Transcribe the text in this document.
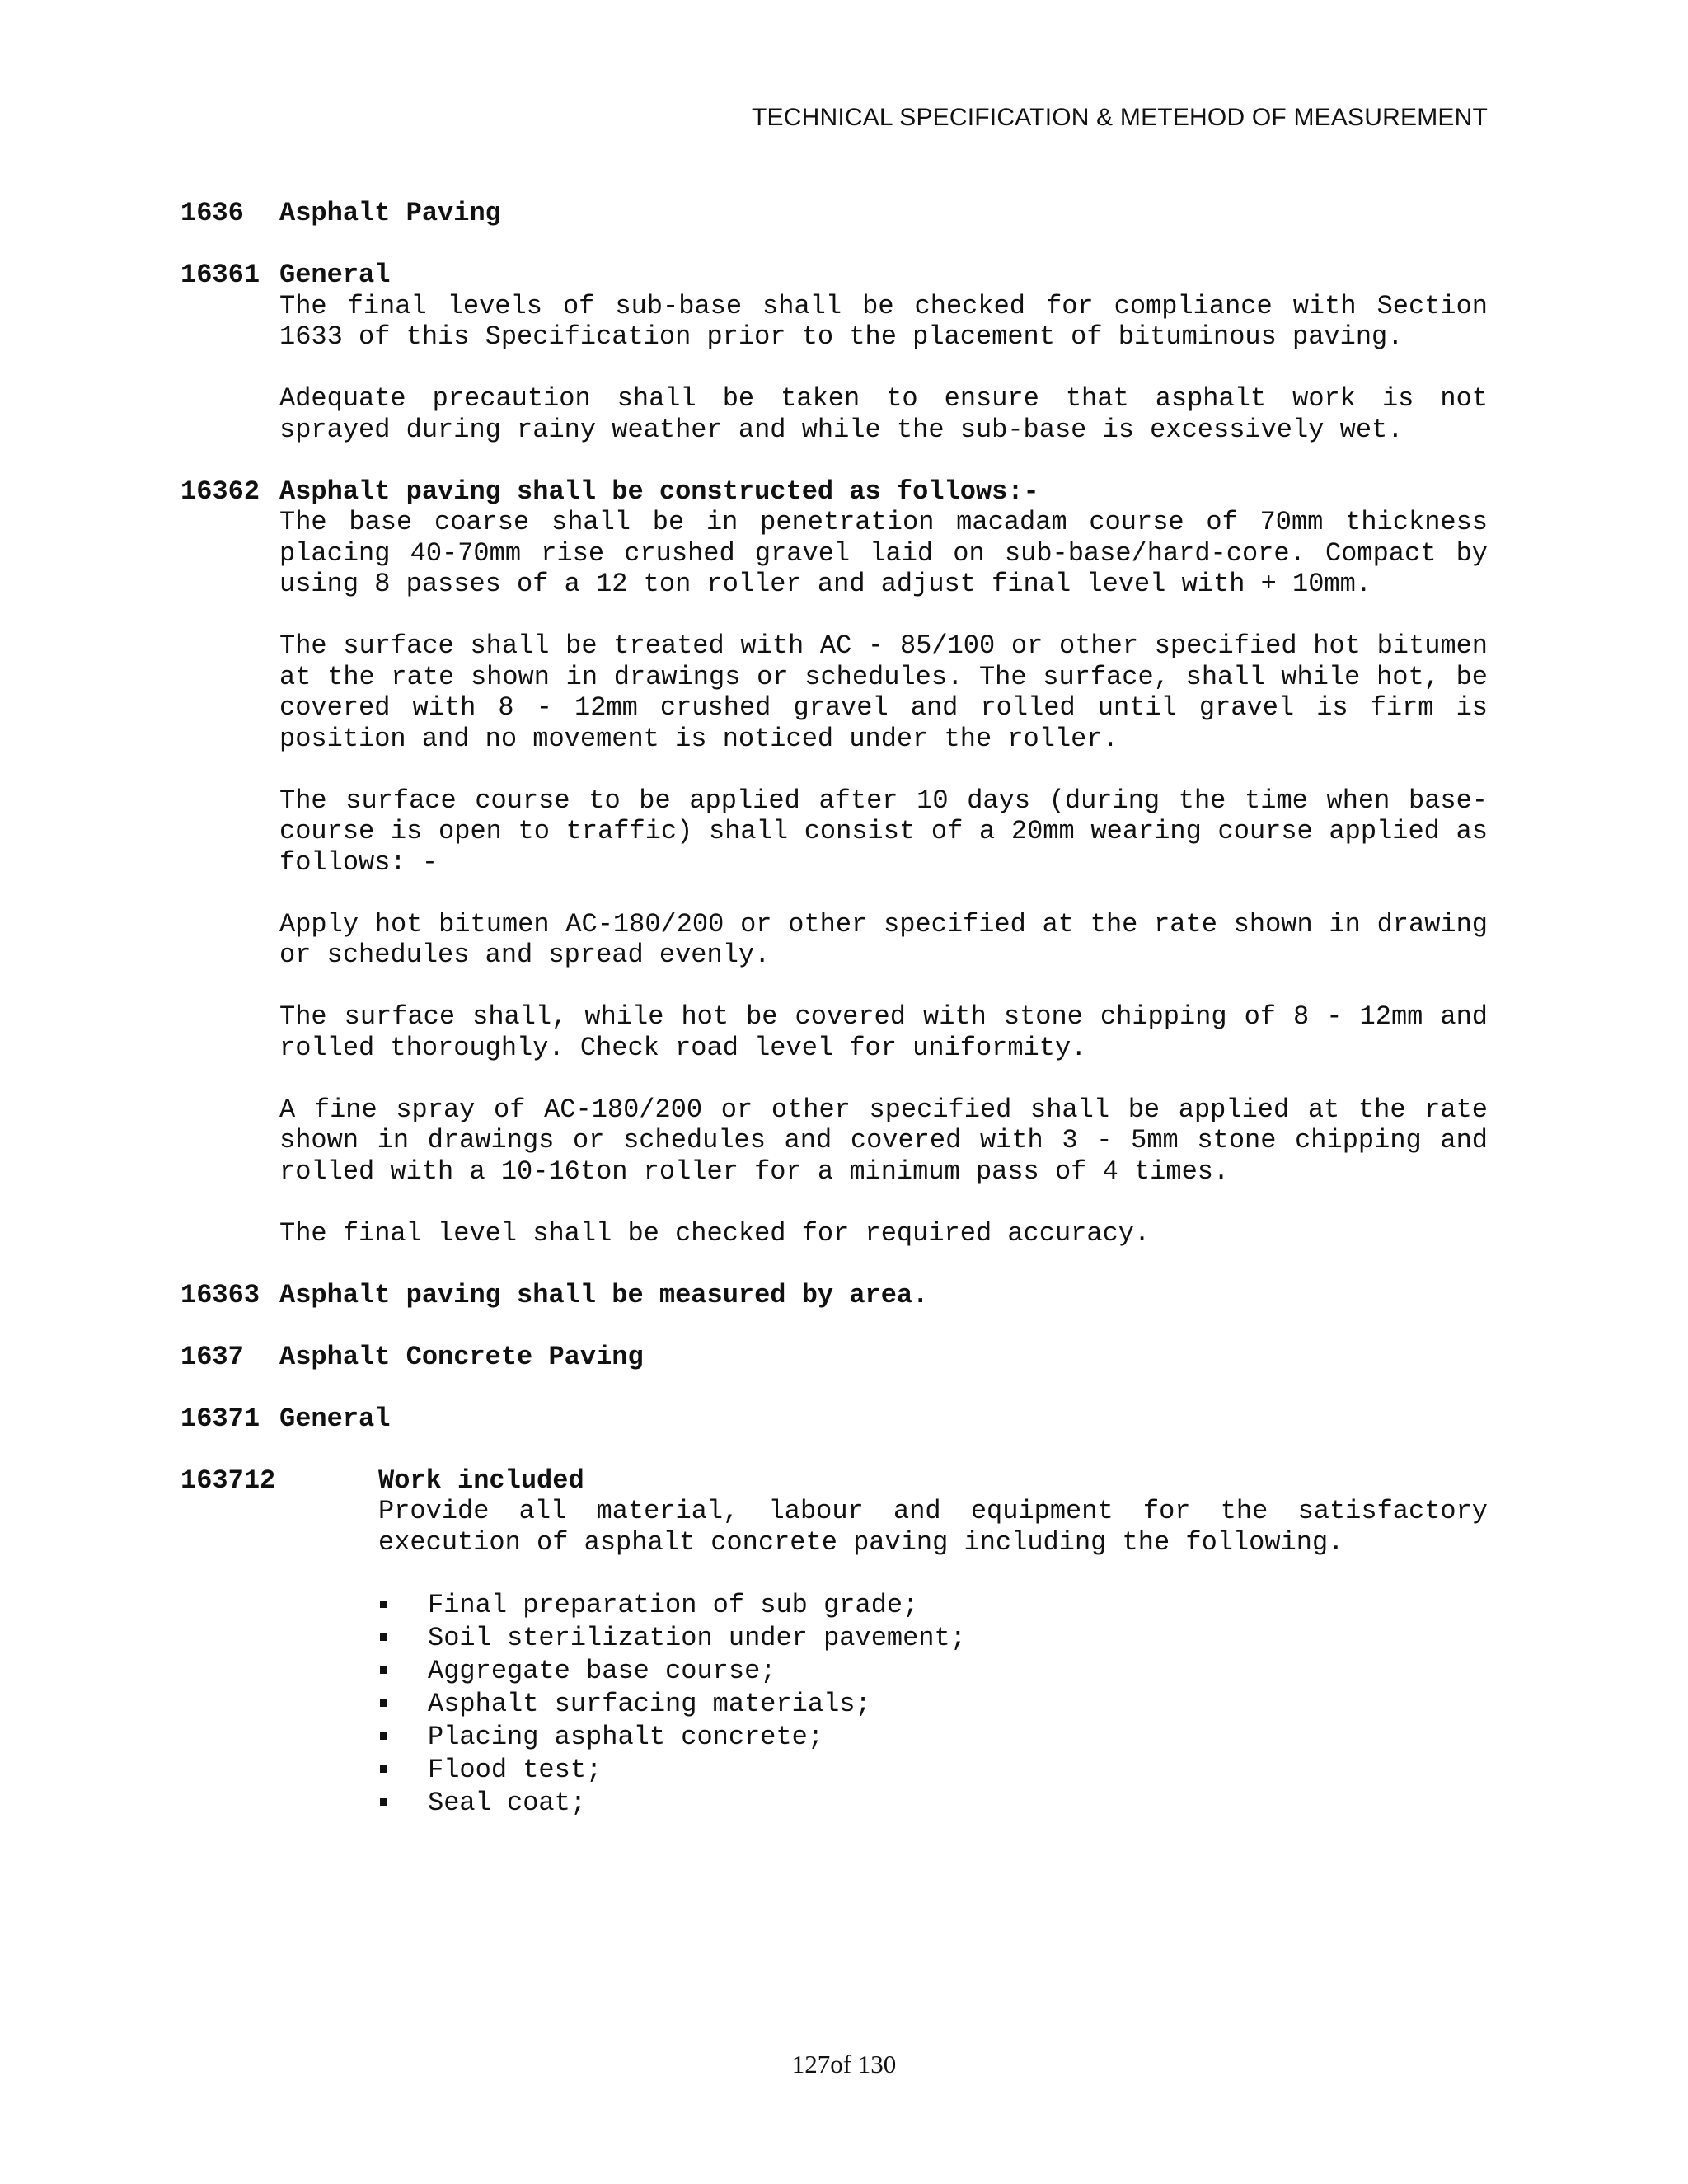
TECHNICAL SPECIFICATION & METEHOD OF MEASUREMENT
1636 Asphalt Paving
16361 General

The final levels of sub-base shall be checked for compliance with Section 1633 of this Specification prior to the placement of bituminous paving.

Adequate precaution shall be taken to ensure that asphalt work is not sprayed during rainy weather and while the sub-base is excessively wet.

16362 Asphalt paving shall be constructed as follows:-

The base coarse shall be in penetration macadam course of 70mm thickness placing 40-70mm rise crushed gravel laid on sub-base/hard-core. Compact by using 8 passes of a 12 ton roller and adjust final level with + 10mm.

The surface shall be treated with AC - 85/100 or other specified hot bitumen at the rate shown in drawings or schedules. The surface, shall while hot, be covered with 8 - 12mm crushed gravel and rolled until gravel is firm is position and no movement is noticed under the roller.

The surface course to be applied after 10 days (during the time when base-course is open to traffic) shall consist of a 20mm wearing course applied as follows: -

Apply hot bitumen AC-180/200 or other specified at the rate shown in drawing or schedules and spread evenly.

The surface shall, while hot be covered with stone chipping of 8 - 12mm and rolled thoroughly. Check road level for uniformity.

A fine spray of AC-180/200 or other specified shall be applied at the rate shown in drawings or schedules and covered with 3 - 5mm stone chipping and rolled with a 10-16ton roller for a minimum pass of 4 times.

The final level shall be checked for required accuracy.

16363 Asphalt paving shall be measured by area.
1637 Asphalt Concrete Paving
16371 General
163712	Work included

Provide all material, labour and equipment for the satisfactory execution of asphalt concrete paving including the following.

Final preparation of sub grade;
Soil sterilization under pavement;
Aggregate base course;
Asphalt surfacing materials;
Placing asphalt concrete;
Flood test;
Seal coat;
127of 130
